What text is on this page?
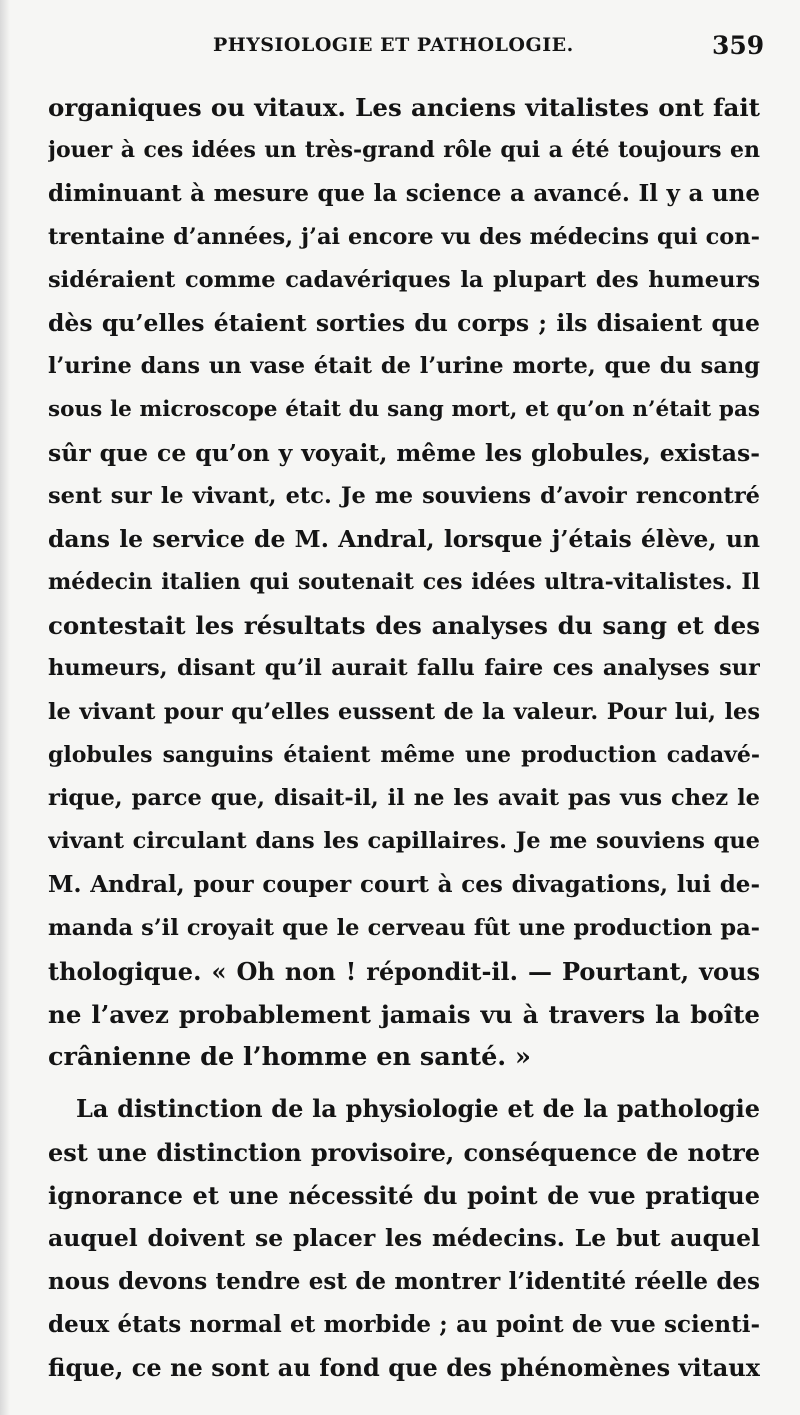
PHYSIOLOGIE ET PATHOLOGIE.	359
organiques ou vitaux. Les anciens vitalistes ont fait
jouer à ces idées un très-grand rôle qui a été toujours en
diminuant à mesure que la science a avancé. Il y a une
trentaine d’années, j’ai encore vu des médecins qui con-
sidéraient comme cadavériques la plupart des humeurs
dès qu’elles étaient sorties du corps ; ils disaient que
l’urine dans un vase était de l’urine morte, que du sang
sous le microscope était du sang mort, et qu’on n’était pas
sûr que ce qu’on y voyait, même les globules, existas-
sent sur le vivant, etc. Je me souviens d’avoir rencontré
dans le service de M. Andral, lorsque j’étais élève, un
médecin italien qui soutenait ces idées ultra-vitalistes. Il
contestait les résultats des analyses du sang et des
humeurs, disant qu’il aurait fallu faire ces analyses sur
le vivant pour qu’elles eussent de la valeur. Pour lui, les
globules sanguins étaient même une production cadavé-
rique, parce que, disait-il, il ne les avait pas vus chez le
vivant circulant dans les capillaires. Je me souviens que
M. Andral, pour couper court à ces divagations, lui de-
manda s’il croyait que le cerveau fût une production pa-
thologique. « Oh non ! répondit-il. — Pourtant, vous
ne l’avez probablement jamais vu à travers la boîte
crânienne de l’homme en santé. »
La distinction de la physiologie et de la pathologie
est une distinction provisoire, conséquence de notre
ignorance et une nécessité du point de vue pratique
auquel doivent se placer les médecins. Le but auquel
nous devons tendre est de montrer l’identité réelle des
deux états normal et morbide ; au point de vue scienti-
fique, ce ne sont au fond que des phénomènes vitaux
